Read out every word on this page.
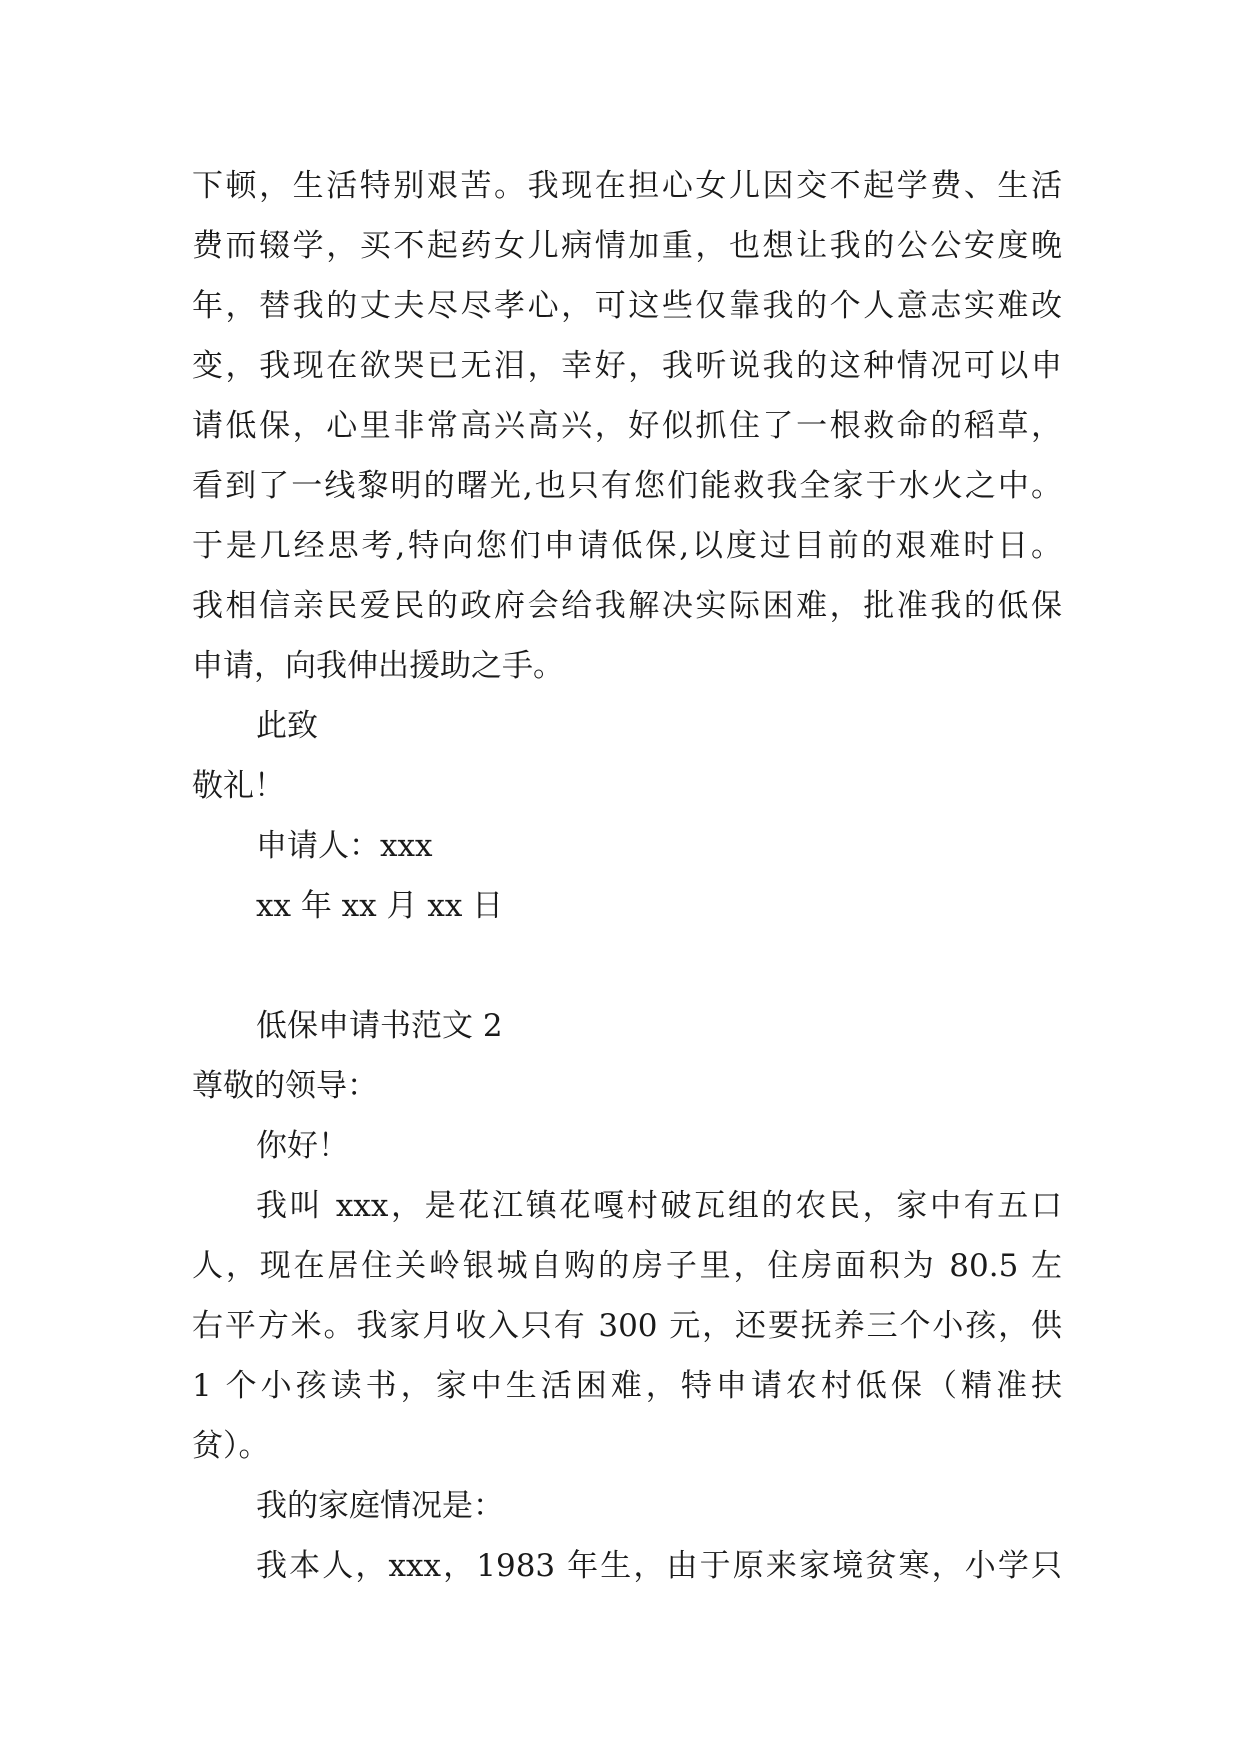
下顿，生活特别艰苦。我现在担心女儿因交不起学费、生活
费而辍学，买不起药女儿病情加重，也想让我的公公安度晚
年，替我的丈夫尽尽孝心，可这些仅靠我的个人意志实难改
变，我现在欲哭已无泪，幸好，我听说我的这种情况可以申
请低保，心里非常高兴高兴，好似抓住了一根救命的稻草，
看到了一线黎明的曙光,也只有您们能救我全家于水火之中。
于是几经思考,特向您们申请低保,以度过目前的艰难时日。
我相信亲民爱民的政府会给我解决实际困难，批准我的低保
申请，向我伸出援助之手。
此致
敬礼！
申请人：xxx
xx 年 xx 月 xx 日
低保申请书范文 2
尊敬的领导：
你好！
我叫 xxx，是花江镇花嘎村破瓦组的农民，家中有五口
人，现在居住关岭银城自购的房子里，住房面积为 80.5 左
右平方米。我家月收入只有 300 元，还要抚养三个小孩，供
1 个小孩读书，家中生活困难，特申请农村低保（精准扶
贫）。
我的家庭情况是：
我本人，xxx，1983 年生，由于原来家境贫寒，小学只
